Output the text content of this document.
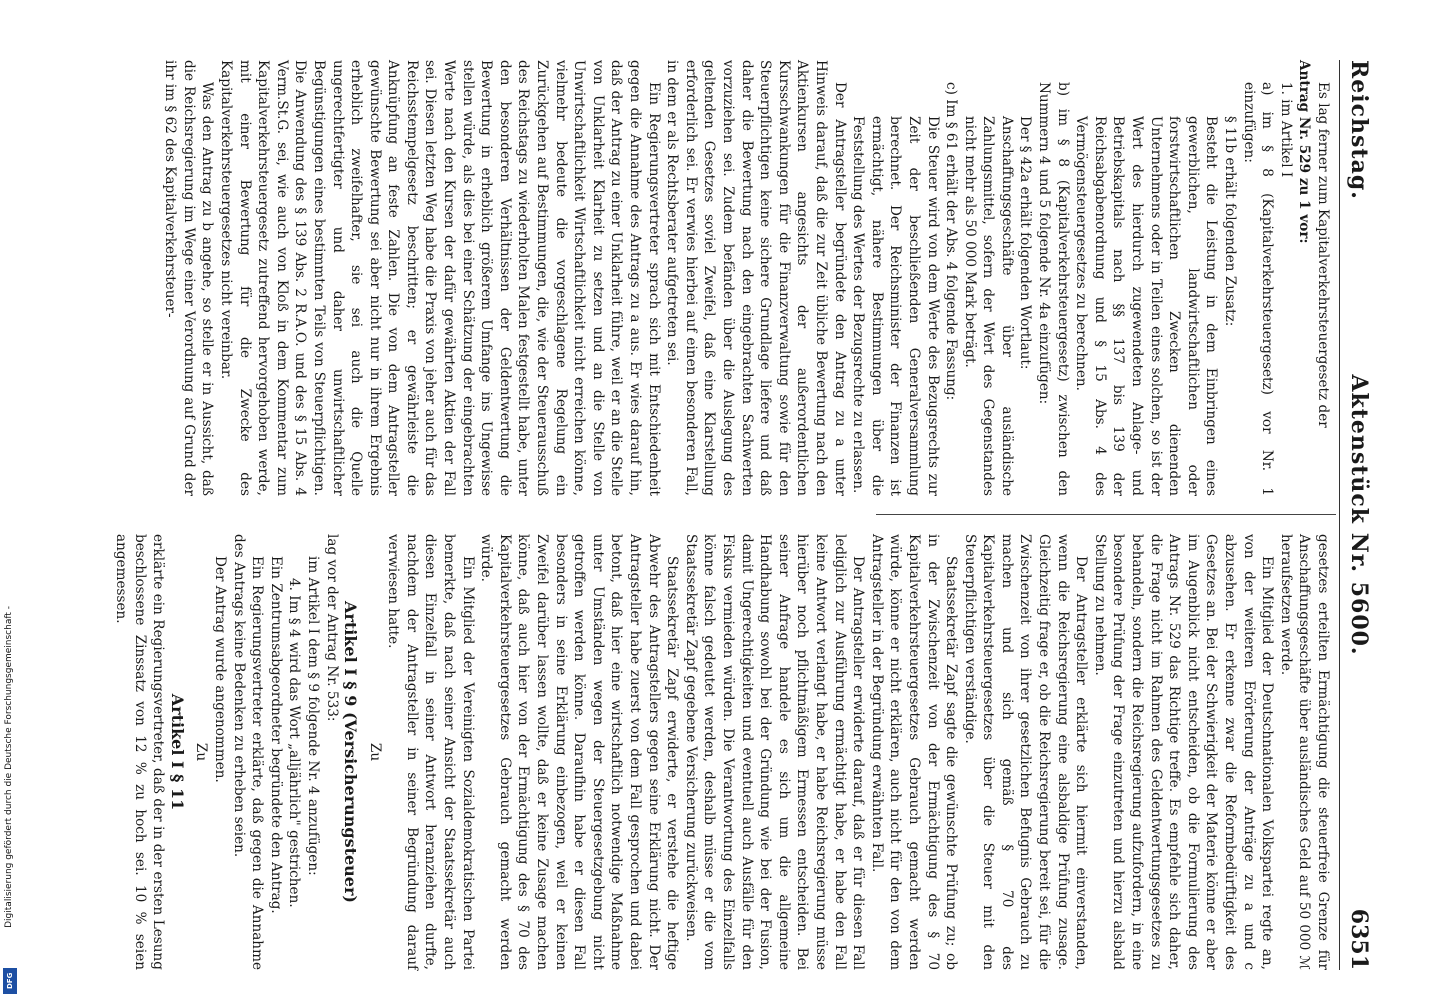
Digitalisierung gefördert durch die Deutsche Forschungsgemeinschaft -
DFG
Reichstag.
Aktenstück Nr. 5600.
6351

Es lag ferner zum Kapitalverkehrsteuergesetz der

Antrag Nr. 529 zu 1 vor:

1. im Artikel I

a) im § 8 (Kapitalverkehrsteuergesetz) vor Nr. 1 einzufügen:

§ 11b erhält folgenden Zusatz:

Besteht die Leistung in dem Einbringen eines gewerblichen, landwirtschaftlichen oder forstwirtschaftlichen Zwecken dienenden Unternehmens oder in Teilen eines solchen, so ist der Wert des hierdurch zugewendeten Anlage- und Betriebskapitals nach §§ 137 bis 139 der Reichsabgabenordnung und § 15 Abs. 4 des Vermögensteuergesetzes zu berechnen.

b) im § 8 (Kapitalverkehrsteuergesetz) zwischen den Nummern 4 und 5 folgende Nr. 4a einzufügen:

Der § 42a erhält folgenden Wortlaut:

Anschaffungsgeschäfte über ausländische Zahlungsmittel, sofern der Wert des Gegenstandes nicht mehr als 50 000 Mark beträgt.

c) Im § 61 erhält der Abs. 4 folgende Fassung:

Die Steuer wird von dem Werte des Bezugsrechts zur Zeit der beschließenden Generalversammlung berechnet. Der Reichsminister der Finanzen ist ermächtigt, nähere Bestimmungen über die Feststellung des Wertes der Bezugsrechte zu erlassen.

Der Antragsteller begründete den Antrag zu a unter Hinweis darauf, daß die zur Zeit übliche Bewertung nach den Aktienkursen angesichts der außerordentlichen Kursschwankungen für die Finanzverwaltung sowie für den Steuerpflichtigen keine sichere Grundlage liefere und daß daher die Bewertung nach den eingebrachten Sachwerten vorzuziehen sei. Zudem befänden über die Auslegung des geltenden Gesetzes soviel Zweifel, daß eine Klarstellung erforderlich sei. Er verwies hierbei auf einen besonderen Fall, in dem er als Rechtsberater aufgetreten sei.

Ein Regierungsvertreter sprach sich mit Entschiedenheit gegen die Annahme des Antrags zu a aus. Er wies darauf hin, daß der Antrag zu einer Unklarheit führe, weil er an die Stelle von Unklarheit Klarheit zu setzen und an die Stelle von Unwirtschaftlichkeit Wirtschaftlichkeit nicht erreichen könne, vielmehr bedeute die vorgeschlagene Regelung ein Zurückgehen auf Bestimmungen, die, wie der Steuerausschuß des Reichstags zu wiederholten Malen festgestellt habe, unter den besonderen Verhältnissen der Geldentwertung die Bewertung in erheblich größerem Umfange ins Ungewisse stellen würde, als dies bei einer Schätzung der eingebrachten Werte nach den Kursen der dafür gewährten Aktien der Fall sei. Diesen letzten Weg habe die Praxis von jeher auch für das Reichsstempelgesetz beschritten; er gewährleiste die Anknüpfung an feste Zahlen. Die von dem Antragsteller gewünschte Bewertung sei aber nicht nur in ihrem Ergebnis erheblich zweifelhafter, sie sei auch die Quelle ungerechtfertigter und daher unwirtschaftlicher Begünstigungen eines bestimmten Teils von Steuerpflichtigen. Die Anwendung des § 139 Abs. 2 R.A.O. und des § 15 Abs. 4 Verm.St.G. sei, wie auch von Kloß in dem Kommentar zum Kapitalverkehrsteuergesetz zutreffend hervorgehoben werde, mit einer Bewertung für die Zwecke des Kapitalverkehrsteuergesetzes nicht vereinbar.

Was den Antrag zu b angehe, so stelle er in Aussicht, daß die Reichsregierung im Wege einer Verordnung auf Grund der ihr im § 62 des Kapitalverkehrsteuer-

gesetzes erteilten Ermächtigung die steuerfreie Grenze für Anschaffungsgeschäfte über ausländisches Geld auf 50 000 ℳ heraufsetzen werde.

Ein Mitglied der Deutschnationalen Volkspartei regte an, von der weiteren Erörterung der Anträge zu a und c abzusehen. Er erkenne zwar die Reformbedürftigkeit des Gesetzes an. Bei der Schwierigkeit der Materie könne er aber im Augenblick nicht entscheiden, ob die Formulierung des Antrags Nr. 529 das Richtige treffe. Es empfehle sich daher, die Frage nicht im Rahmen des Geldentwertungsgesetzes zu behandeln, sondern die Reichsregierung aufzufordern, in eine besondere Prüfung der Frage einzutreten und hierzu alsbald Stellung zu nehmen.

Der Antragsteller erklärte sich hiermit einverstanden, wenn die Reichsregierung eine alsbaldige Prüfung zusage. Gleichzeitig frage er, ob die Reichsregierung bereit sei, für die Zwischenzeit von ihrer gesetzlichen Befugnis Gebrauch zu machen und sich gemäß § 70 des Kapitalverkehrsteuergesetzes über die Steuer mit den Steuerpflichtigen verständige.

Staatssekretär Zapf sagte die gewünschte Prüfung zu; ob in der Zwischenzeit von der Ermächtigung des § 70 Kapitalverkehrsteuergesetzes Gebrauch gemacht werden würde, könne er nicht erklären, auch nicht für den von dem Antragsteller in der Begründung erwähnten Fall.

Der Antragsteller erwiderte darauf, daß er für diesen Fall lediglich zur Ausführung ermächtigt habe, er habe den Fall keine Antwort verlangt habe, er habe Reichsregierung müsse hierüber noch pflichtmäßigem Ermessen entscheiden. Bei seiner Anfrage handele es sich um die allgemeine Handhabung sowohl bei der Gründung wie bei der Fusion, damit Ungerechtigkeiten und eventuell auch Ausfälle für den Fiskus vermieden würden. Die Verantwortung des Einzelfalls könne falsch gedeutet werden, deshalb müsse er die vom Staatssekretär Zapf gegebene Versicherung zurückweisen.

Staatssekretär Zapf erwiderte, er verstehe die heftige Abwehr des Antragstellers gegen seine Erklärung nicht. Der Antragsteller habe zuerst von dem Fall gesprochen und dabei betont, daß hier eine wirtschaftlich notwendige Maßnahme unter Umständen wegen der Steuergesetzgebung nicht getroffen werden könne. Daraufhin habe er diesen Fall besonders in seine Erklärung einbezogen, weil er keinen Zweifel darüber lassen wollte, daß er keine Zusage machen könne, daß auch hier von der Ermächtigung des § 70 des Kapitalverkehrsteuergesetzes Gebrauch gemacht werden würde.

Ein Mitglied der Vereinigten Sozialdemokratischen Partei bemerkte, daß nach seiner Ansicht der Staatssekretär auch diesen Einzelfall in seiner Antwort heranziehen durfte, nachdem der Antragsteller in seiner Begründung darauf verwiesen hatte.

Zu

Artikel I § 9 (Versicherungsteuer)

lag vor der Antrag Nr. 533:

im Artikel I dem § 9 folgende Nr. 4 anzufügen:

4. Im § 4 wird das Wort „alljährlich" gestrichen.

Ein Zentrumsabgeordneter begründete den Antrag.

Ein Regierungsvertreter erklärte, daß gegen die Annahme des Antrags keine Bedenken zu erheben seien.

Der Antrag wurde angenommen.

Zu

Artikel I § 11

erklärte ein Regierungsvertreter, daß der in der ersten Lesung beschlossene Zinssatz von 12 % zu hoch sei. 10 % seien angemessen.
